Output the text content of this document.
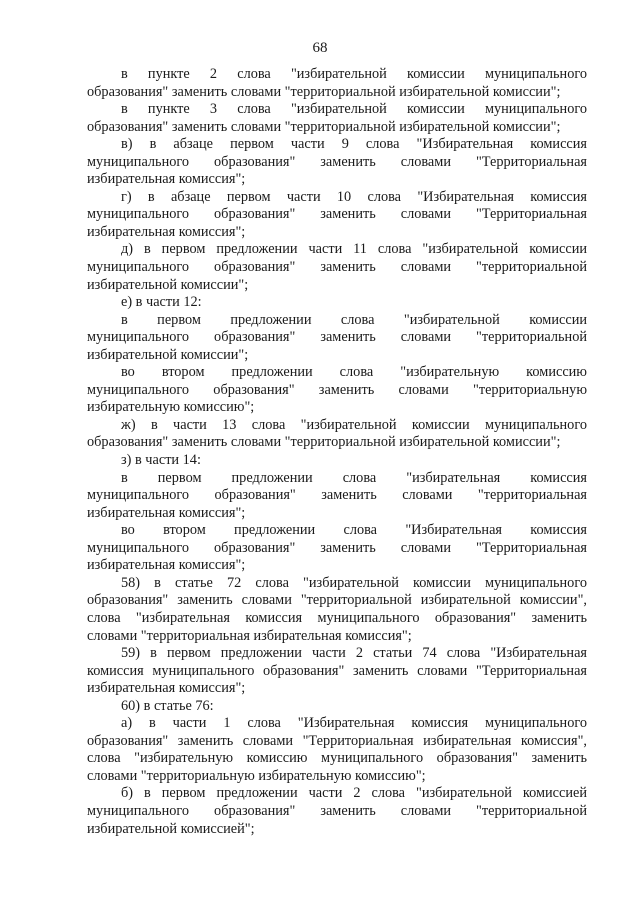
68
в пункте 2 слова "избирательной комиссии муниципального
образования" заменить словами "территориальной избирательной комиссии";
в пункте 3 слова "избирательной комиссии муниципального
образования" заменить словами "территориальной избирательной комиссии";
в) в абзаце первом части 9 слова "Избирательная комиссия
муниципального образования" заменить словами "Территориальная
избирательная комиссия";
г) в абзаце первом части 10 слова "Избирательная комиссия
муниципального образования" заменить словами "Территориальная
избирательная комиссия";
д) в первом предложении части 11 слова "избирательной комиссии
муниципального образования" заменить словами "территориальной
избирательной комиссии";
е) в части 12:
в первом предложении слова "избирательной комиссии
муниципального образования" заменить словами "территориальной
избирательной комиссии";
во втором предложении слова "избирательную комиссию
муниципального образования" заменить словами "территориальную
избирательную комиссию";
ж) в части 13 слова "избирательной комиссии муниципального
образования" заменить словами "территориальной избирательной комиссии";
з) в части 14:
в первом предложении слова "избирательная комиссия
муниципального образования" заменить словами "территориальная
избирательная комиссия";
во втором предложении слова "Избирательная комиссия
муниципального образования" заменить словами "Территориальная
избирательная комиссия";
58) в статье 72 слова "избирательной комиссии муниципального
образования" заменить словами "территориальной избирательной комиссии",
слова "избирательная комиссия муниципального образования" заменить
словами "территориальная избирательная комиссия";
59) в первом предложении части 2 статьи 74 слова "Избирательная
комиссия муниципального образования" заменить словами "Территориальная
избирательная комиссия";
60) в статье 76:
а) в части 1 слова "Избирательная комиссия муниципального
образования" заменить словами "Территориальная избирательная комиссия",
слова "избирательную комиссию муниципального образования" заменить
словами "территориальную избирательную комиссию";
б) в первом предложении части 2 слова "избирательной комиссией
муниципального образования" заменить словами "территориальной
избирательной комиссией";
